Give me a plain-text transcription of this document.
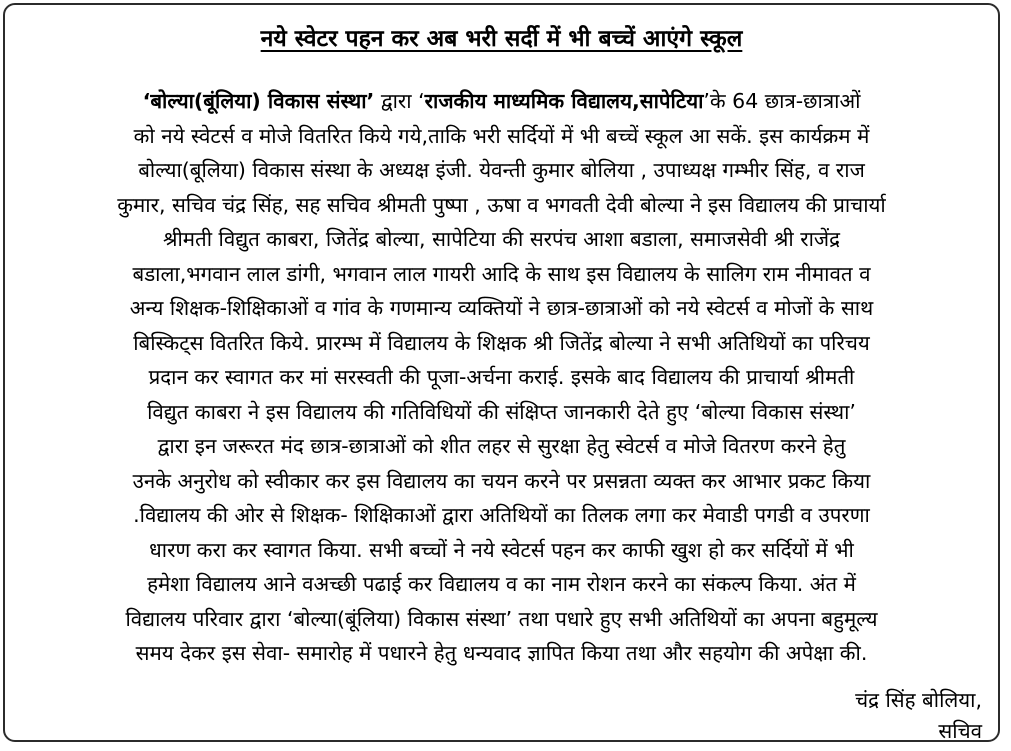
नये स्वेटर पहन कर अब भरी सर्दी में भी बच्चें आएंगे स्कूल
‘बोल्या(बूंलिया) विकास संस्था’ द्वारा ‘राजकीय माध्यमिक विद्यालय,सापेटिया’के 64 छात्र-छात्राओं
को नये स्वेटर्स व मोजे वितरित किये गये,ताकि भरी सर्दियों में भी बच्चें स्कूल आ सकें. इस कार्यक्रम में
बोल्या(बूलिया) विकास संस्था के अध्यक्ष इंजी. येवन्ती कुमार बोलिया , उपाध्यक्ष गम्भीर सिंह, व राज
कुमार, सचिव चंद्र सिंह, सह सचिव श्रीमती पुष्पा , ऊषा व भगवती देवी बोल्या ने इस विद्यालय की प्राचार्या
श्रीमती विद्युत काबरा, जितेंद्र बोल्या, सापेटिया की सरपंच आशा बडाला, समाजसेवी श्री राजेंद्र
बडाला,भगवान लाल डांगी, भगवान लाल गायरी आदि के साथ इस विद्यालय के सालिग राम नीमावत व
अन्य शिक्षक-शिक्षिकाओं व गांव के गणमान्य व्यक्तियों ने छात्र-छात्राओं को नये स्वेटर्स व मोजों के साथ
बिस्किट्स वितरित किये. प्रारम्भ में विद्यालय के शिक्षक श्री जितेंद्र बोल्या ने सभी अतिथियों का परिचय
प्रदान कर स्वागत कर मां सरस्वती की पूजा-अर्चना कराई. इसके बाद विद्यालय की प्राचार्या श्रीमती
विद्युत काबरा ने इस विद्यालय की गतिविधियों की संक्षिप्त जानकारी देते हुए ‘बोल्या विकास संस्था’
द्वारा इन जरूरत मंद छात्र-छात्राओं को शीत लहर से सुरक्षा हेतु स्वेटर्स व मोजे वितरण करने हेतु
उनके अनुरोध को स्वीकार कर इस विद्यालय का चयन करने पर प्रसन्नता व्यक्त कर आभार प्रकट किया
.विद्यालय की ओर से शिक्षक- शिक्षिकाओं द्वारा अतिथियों का तिलक लगा कर मेवाडी पगडी व उपरणा
धारण करा कर स्वागत किया. सभी बच्चों ने नये स्वेटर्स पहन कर काफी खुश हो कर सर्दियों में भी
हमेशा विद्यालय आने वअच्छी पढाई कर विद्यालय व का नाम रोशन करने का संकल्प किया. अंत में
विद्यालय परिवार द्वारा ‘बोल्या(बूंलिया) विकास संस्था’ तथा पधारे हुए सभी अतिथियों का अपना बहुमूल्य
समय देकर इस सेवा- समारोह में पधारने हेतु धन्यवाद ज्ञापित किया तथा और सहयोग की अपेक्षा की.
चंद्र सिंह बोलिया,
सचिव
